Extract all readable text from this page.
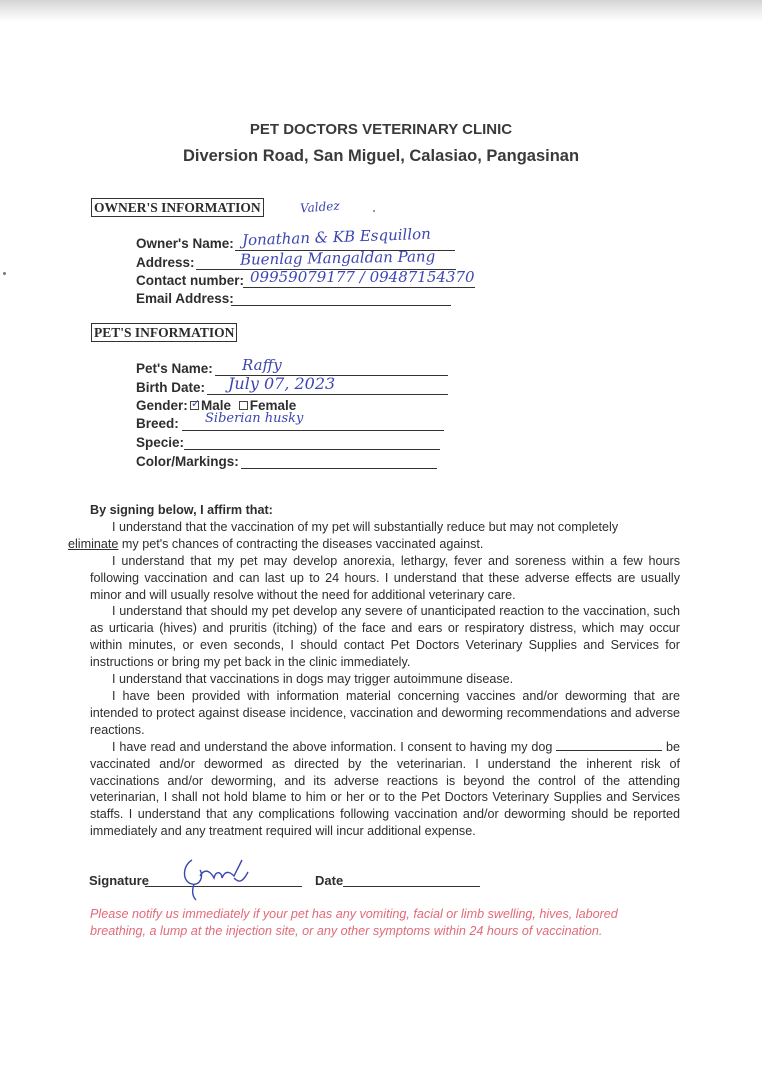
PET DOCTORS VETERINARY CLINIC
Diversion Road, San Miguel, Calasiao, Pangasinan
OWNER'S INFORMATION	Valdez
Owner's Name: Jonathan & KB Esquillon
Address:	Buenlag Mangaldan Pang
Contact number: 09959079177 / 09487154370
Email Address:
PET'S INFORMATION
Pet's Name: Raffy
Birth Date: July 07, 2023
Gender: ✓ Male Female
Breed: Siberian husky
Specie:
Color/Markings:

By signing below, I affirm that:

I understand that the vaccination of my pet will substantially reduce but may not completely
eliminate my pet's chances of contracting the diseases vaccinated against.

I understand that my pet may develop anorexia, lethargy, fever and soreness within a few hours following vaccination and can last up to 24 hours. I understand that these adverse effects are usually minor and will usually resolve without the need for additional veterinary care.

I understand that should my pet develop any severe of unanticipated reaction to the vaccination, such as urticaria (hives) and pruritis (itching) of the face and ears or respiratory distress, which may occur within minutes, or even seconds, I should contact Pet Doctors Veterinary Supplies and Services for instructions or bring my pet back in the clinic immediately.

I understand that vaccinations in dogs may trigger autoimmune disease.

I have been provided with information material concerning vaccines and/or deworming that are intended to protect against disease incidence, vaccination and deworming recommendations and adverse reactions.

I have read and understand the above information. I consent to having my dog	be vaccinated and/or dewormed as directed by the veterinarian. I understand the inherent risk of vaccinations and/or deworming, and its adverse reactions is beyond the control of the attending veterinarian, I shall not hold blame to him or her or to the Pet Doctors Veterinary Supplies and Services staffs. I understand that any complications following vaccination and/or deworming should be reported immediately and any treatment required will incur additional expense.

Signature	Date
Please notify us immediately if your pet has any vomiting, facial or limb swelling, hives, labored breathing, a lump at the injection site, or any other symptoms within 24 hours of vaccination.
